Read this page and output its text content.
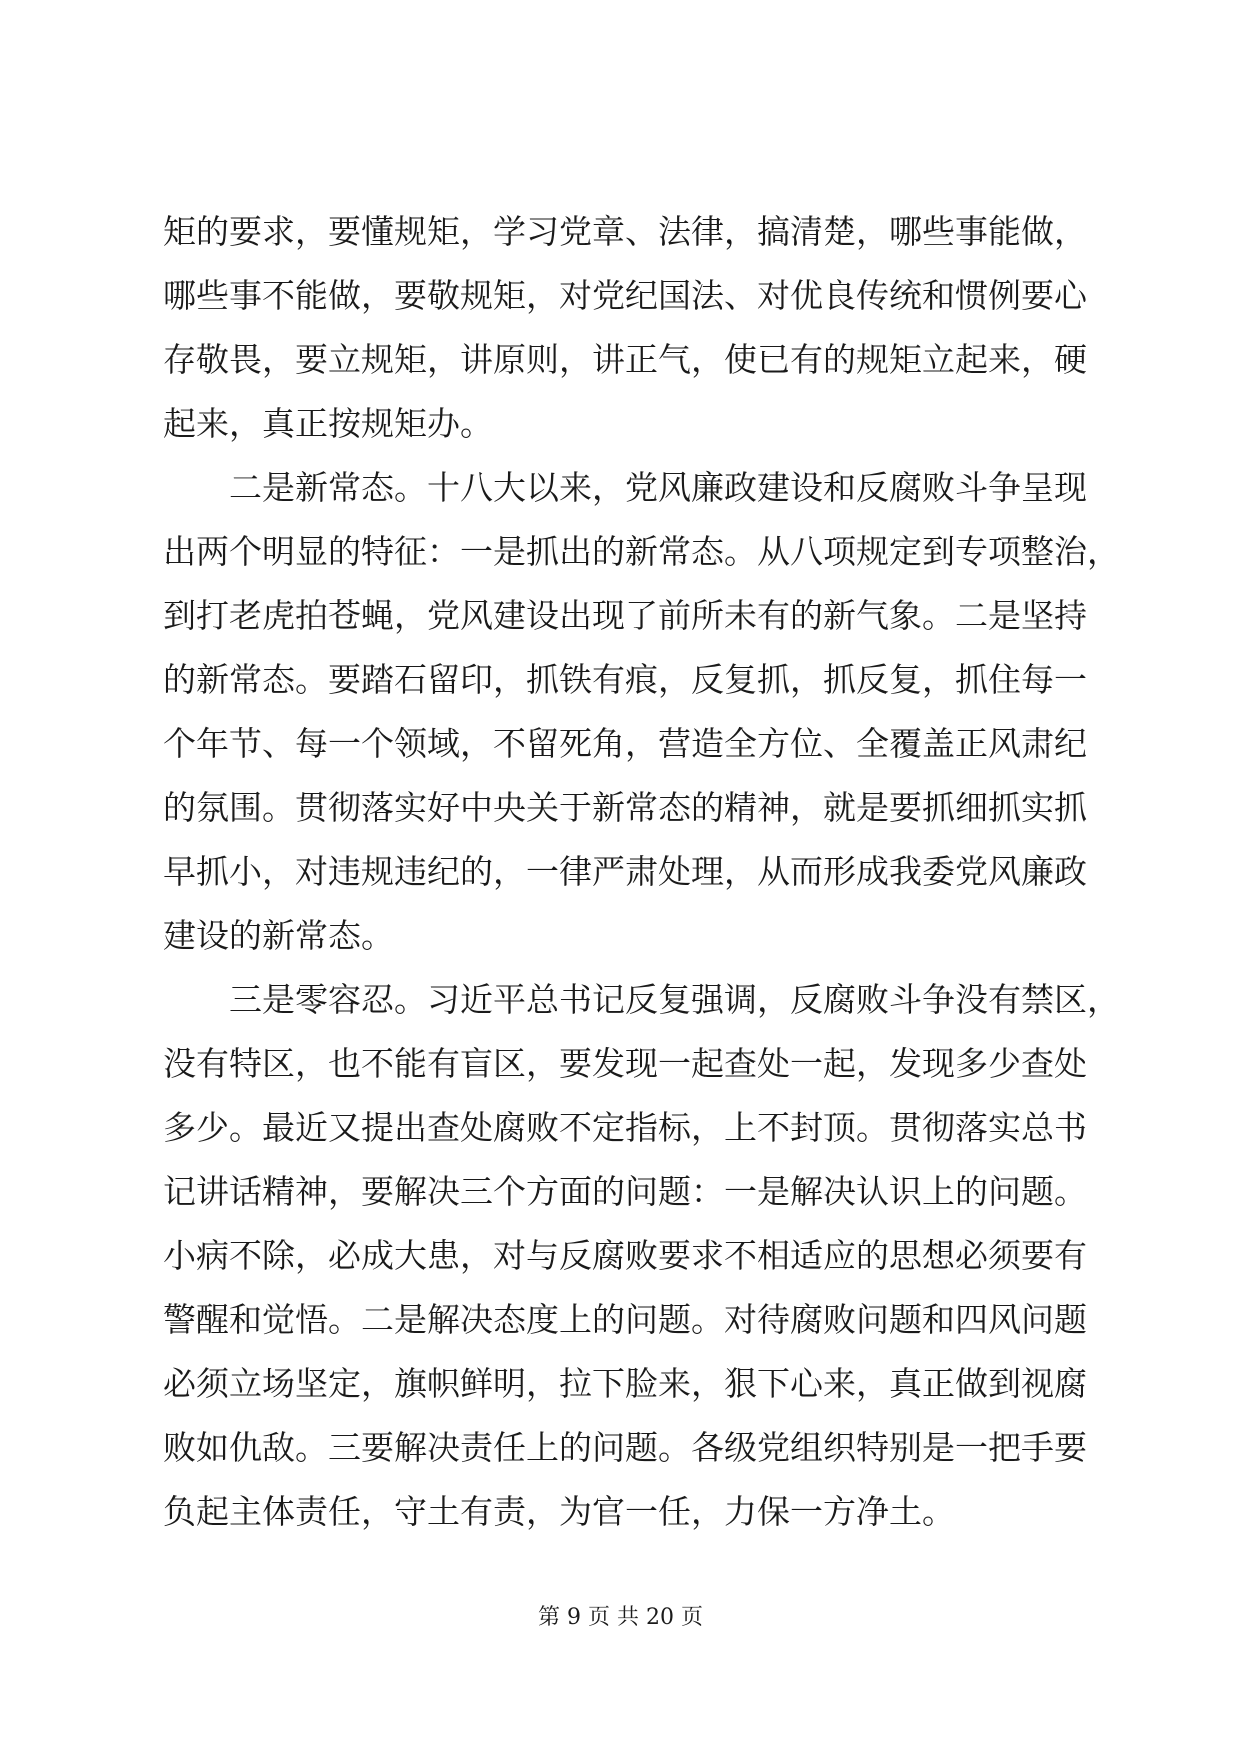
矩的要求，要懂规矩，学习党章、法律，搞清楚，哪些事能做，
哪些事不能做，要敬规矩，对党纪国法、对优良传统和惯例要心
存敬畏，要立规矩，讲原则，讲正气，使已有的规矩立起来，硬
起来，真正按规矩办。
二是新常态。十八大以来，党风廉政建设和反腐败斗争呈现
出两个明显的特征：一是抓出的新常态。从八项规定到专项整治，
到打老虎拍苍蝇，党风建设出现了前所未有的新气象。二是坚持
的新常态。要踏石留印，抓铁有痕，反复抓，抓反复，抓住每一
个年节、每一个领域，不留死角，营造全方位、全覆盖正风肃纪
的氛围。贯彻落实好中央关于新常态的精神，就是要抓细抓实抓
早抓小，对违规违纪的，一律严肃处理，从而形成我委党风廉政
建设的新常态。
三是零容忍。习近平总书记反复强调，反腐败斗争没有禁区，
没有特区，也不能有盲区，要发现一起查处一起，发现多少查处
多少。最近又提出查处腐败不定指标，上不封顶。贯彻落实总书
记讲话精神，要解决三个方面的问题：一是解决认识上的问题。
小病不除，必成大患，对与反腐败要求不相适应的思想必须要有
警醒和觉悟。二是解决态度上的问题。对待腐败问题和四风问题
必须立场坚定，旗帜鲜明，拉下脸来，狠下心来，真正做到视腐
败如仇敌。三要解决责任上的问题。各级党组织特别是一把手要
负起主体责任，守土有责，为官一任，力保一方净土。
第 9 页 共 20 页
